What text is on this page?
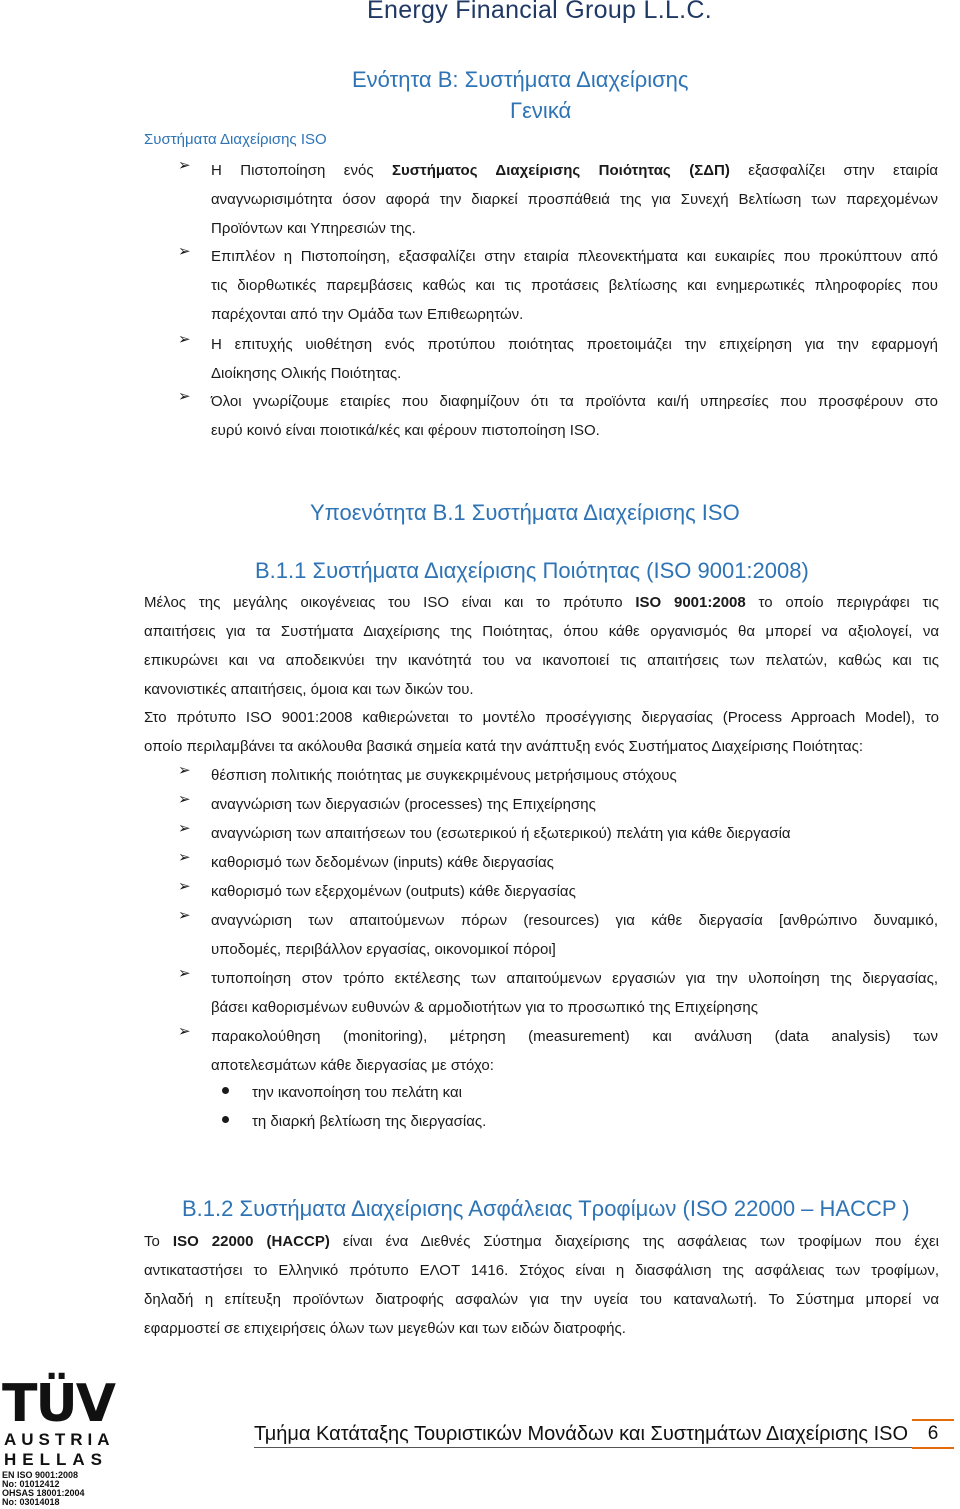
Energy Financial Group L.L.C.
Ενότητα Β: Συστήματα Διαχείρισης
Γενικά
Συστήματα Διαχείρισης ISO
➢ Η Πιστοποίηση ενός Συστήματος Διαχείρισης Ποιότητας (ΣΔΠ) εξασφαλίζει στην εταιρία
αναγνωρισιμότητα όσον αφορά την διαρκεί προσπάθειά της για Συνεχή Βελτίωση των παρεχομένων
Προϊόντων και Υπηρεσιών της.
➢ Επιπλέον η Πιστοποίηση, εξασφαλίζει στην εταιρία πλεονεκτήματα και ευκαιρίες που προκύπτουν από
τις διορθωτικές παρεμβάσεις καθώς και τις προτάσεις βελτίωσης και ενημερωτικές πληροφορίες που
παρέχονται από την Ομάδα των Επιθεωρητών.
➢ Η επιτυχής υιοθέτηση ενός προτύπου ποιότητας προετοιμάζει την επιχείρηση για την εφαρμογή
Διοίκησης Ολικής Ποιότητας.
➢ Όλοι γνωρίζουμε εταιρίες που διαφημίζουν ότι τα προϊόντα και/ή υπηρεσίες που προσφέρουν στο
ευρύ κοινό είναι ποιοτικά/κές και φέρουν πιστοποίηση ISO.
Υποενότητα Β.1 Συστήματα Διαχείρισης ISO
Β.1.1 Συστήματα Διαχείρισης Ποιότητας (ISO 9001:2008)
Μέλος της μεγάλης οικογένειας του ISO είναι και το πρότυπο ISO 9001:2008 το οποίο περιγράφει τις
απαιτήσεις για τα Συστήματα Διαχείρισης της Ποιότητας, όπου κάθε οργανισμός θα μπορεί να αξιολογεί, να
επικυρώνει και να αποδεικνύει την ικανότητά του να ικανοποιεί τις απαιτήσεις των πελατών, καθώς και τις
κανονιστικές απαιτήσεις, όμοια και των δικών του.
Στο πρότυπο ISO 9001:2008 καθιερώνεται το μοντέλο προσέγγισης διεργασίας (Process Approach Model), το
οποίο περιλαμβάνει τα ακόλουθα βασικά σημεία κατά την ανάπτυξη ενός Συστήματος Διαχείρισης Ποιότητας:
➢ θέσπιση πολιτικής ποιότητας με συγκεκριμένους μετρήσιμους στόχους
➢ αναγνώριση των διεργασιών (processes) της Επιχείρησης
➢ αναγνώριση των απαιτήσεων του (εσωτερικού ή εξωτερικού) πελάτη για κάθε διεργασία
➢ καθορισμό των δεδομένων (inputs) κάθε διεργασίας
➢ καθορισμό των εξερχομένων (outputs) κάθε διεργασίας
➢ αναγνώριση των απαιτούμενων πόρων (resources) για κάθε διεργασία [ανθρώπινο δυναμικό,
υποδομές, περιβάλλον εργασίας, οικονομικοί πόροι]
➢ τυποποίηση στον τρόπο εκτέλεσης των απαιτούμενων εργασιών για την υλοποίηση της διεργασίας,
βάσει καθορισμένων ευθυνών & αρμοδιοτήτων για το προσωπικό της Επιχείρησης
➢ παρακολούθηση (monitoring), μέτρηση (measurement) και ανάλυση (data analysis) των
αποτελεσμάτων κάθε διεργασίας με στόχο:
την ικανοποίηση του πελάτη και
τη διαρκή βελτίωση της διεργασίας.
Β.1.2 Συστήματα Διαχείρισης Ασφάλειας Τροφίμων (ISO 22000 – HACCP )
Το ISO 22000 (HACCP) είναι ένα Διεθνές Σύστημα διαχείρισης της ασφάλειας των τροφίμων που έχει
αντικαταστήσει το Ελληνικό πρότυπο ΕΛΟΤ 1416. Στόχος είναι η διασφάλιση της ασφάλειας των τροφίμων,
δηλαδή η επίτευξη προϊόντων διατροφής ασφαλών για την υγεία του καταναλωτή. Το Σύστημα μπορεί να
εφαρμοστεί σε επιχειρήσεις όλων των μεγεθών και των ειδών διατροφής.
TÜV
AUSTRIA
HELLAS
EN ISO 9001:2008
No: 01012412
OHSAS 18001:2004
No: 03014018
Τμήμα Κατάταξης Τουριστικών Μονάδων και Συστημάτων Διαχείρισης ISO	6
